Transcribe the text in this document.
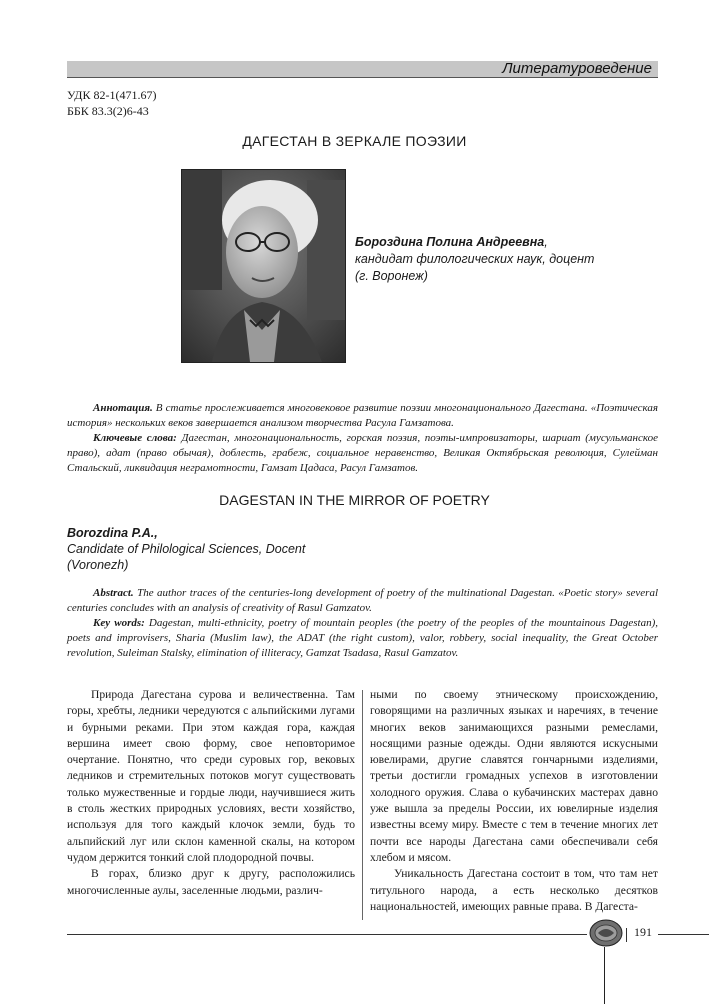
Литературоведение
УДК 82-1(471.67)
ББК 83.3(2)6-43
ДАГЕСТАН В ЗЕРКАЛЕ ПОЭЗИИ
Бороздина Полина Андреевна,
кандидат филологических наук, доцент
(г. Воронеж)

Аннотация. В статье прослеживается многовековое развитие поэзии многонационального Дагестана. «Поэтическая история» нескольких веков завершается анализом творчества Расула Гамзатова.

Ключевые слова: Дагестан, многонациональность, горская поэзия, поэты-импровизаторы, шариат (мусульманское право), адат (право обычая), доблесть, грабеж, социальное неравенство, Великая Октябрьская революция, Сулейман Стальский, ликвидация неграмотности, Гамзат Цадаса, Расул Гамзатов.

DAGESTAN IN THE MIRROR OF POETRY
Borozdina P.A.,
Candidate of Philological Sciences, Docent
(Voronezh)

Abstract. The author traces of the centuries-long development of poetry of the multinational Dagestan. «Poetic story» several centuries concludes with an analysis of creativity of Rasul Gamzatov.

Key words: Dagestan, multi-ethnicity, poetry of mountain peoples (the poetry of the peoples of the mountainous Dagestan), poets and improvisers, Sharia (Muslim law), the ADAT (the right custom), valor, robbery, social inequality, the Great October revolution, Suleiman Stalsky, elimination of illiteracy, Gamzat Tsadasa, Rasul Gamzatov.

Природа Дагестана сурова и величественна. Там горы, хребты, ледники чередуются с альпийскими лугами и бурными реками. При этом каждая гора, каждая вершина имеет свою форму, свое неповторимое очертание. Понятно, что среди суровых гор, вековых ледников и стремительных потоков могут существовать только мужественные и гордые люди, научившиеся жить в столь жестких природных условиях, вести хозяйство, используя для того каждый клочок земли, будь то альпийский луг или склон каменной скалы, на котором чудом держится тонкий слой плодородной почвы.

В горах, близко друг к другу, расположились многочисленные аулы, заселенные людьми, различ-

ными по своему этническому происхождению, говорящими на различных языках и наречиях, в течение многих веков занимающихся разными ремеслами, носящими разные одежды. Одни являются искусными ювелирами, другие славятся гончарными изделиями, третьи достигли громадных успехов в изготовлении холодного оружия. Слава о кубачинских мастерах давно уже вышла за пределы России, их ювелирные изделия известны всему миру. Вместе с тем в течение многих лет почти все народы Дагестана сами обеспечивали себя хлебом и мясом.

Уникальность Дагестана состоит в том, что там нет титульного народа, а есть несколько десятков национальностей, имеющих равные права. В Дагеста-

191
